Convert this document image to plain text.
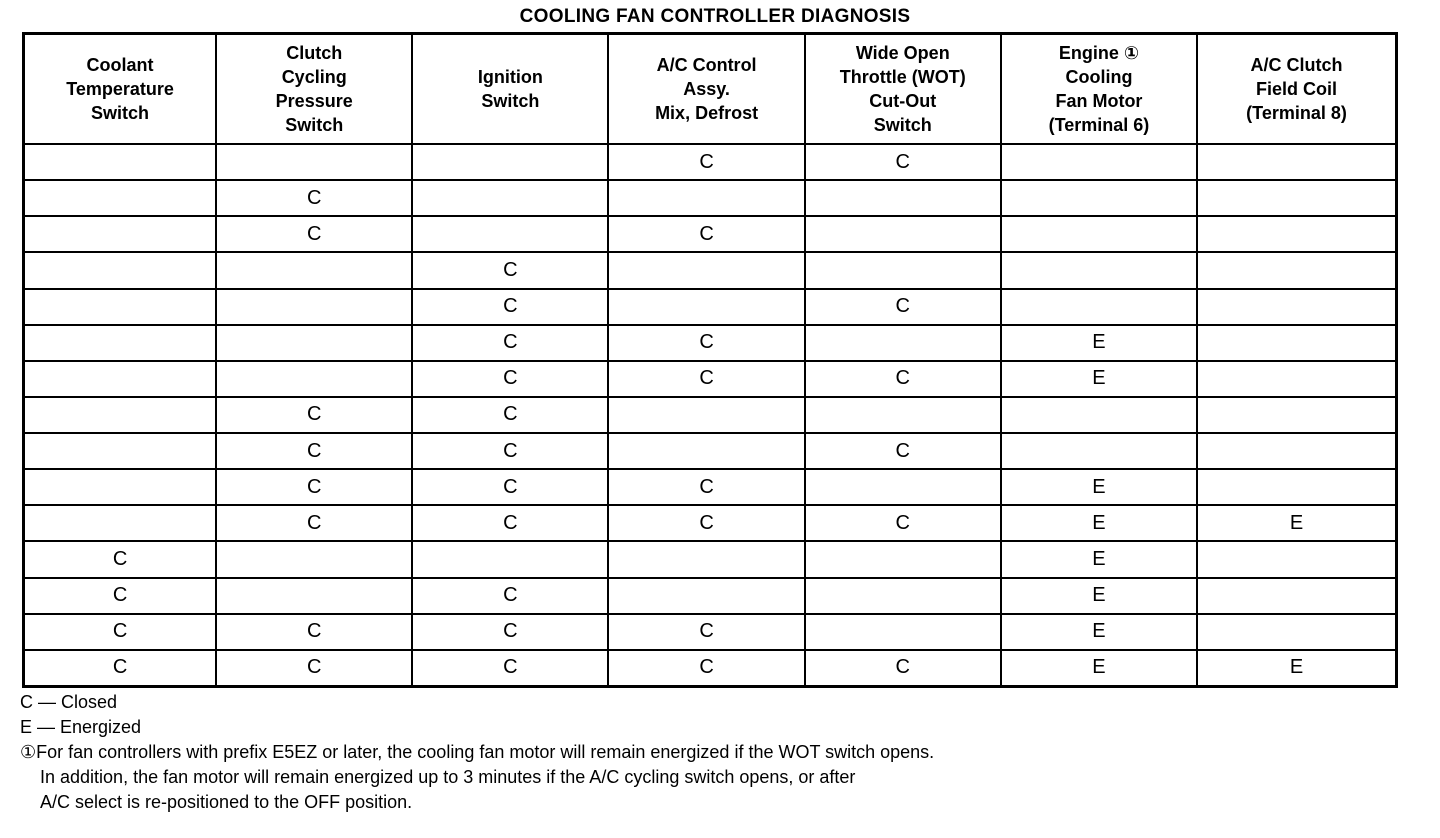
COOLING FAN CONTROLLER DIAGNOSIS
Coolant
Temperature
Switch	Clutch
Cycling
Pressure
Switch	Ignition
Switch	A/C Control
Assy.
Mix, Defrost	Wide Open
Throttle (WOT)
Cut-Out
Switch	Engine ①
Cooling
Fan Motor
(Terminal 6)	A/C Clutch
Field Coil
(Terminal 8)
			C	C		
	C					
	C		C			
		C				
		C		C		
		C	C		E	
		C	C	C	E	
	C	C				
	C	C		C		
	C	C	C		E	
	C	C	C	C	E	E
C					E	
C		C			E	
C	C	C	C		E	
C	C	C	C	C	E	E
C — Closed
E — Energized
①For fan controllers with prefix E5EZ or later, the cooling fan motor will remain energized if the WOT switch opens.
In addition, the fan motor will remain energized up to 3 minutes if the A/C cycling switch opens, or after
A/C select is re-positioned to the OFF position.
